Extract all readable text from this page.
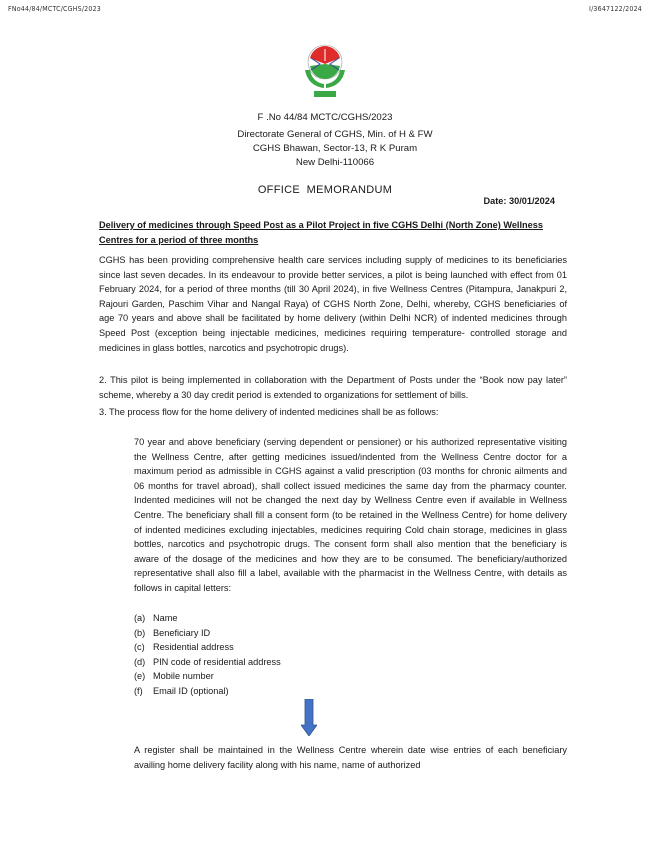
FNo44/84/MCTC/CGHS/2023	I/3647122/2024
F .No 44/84 MCTC/CGHS/2023
Directorate General of CGHS, Min. of H & FW
CGHS Bhawan, Sector-13, R K Puram
New Delhi-110066
OFFICE  MEMORANDUM
Date: 30/01/2024
Delivery of medicines through Speed Post as a Pilot Project in five CGHS Delhi (North Zone) Wellness Centres for a period of three months
CGHS has been providing comprehensive health care services including supply of medicines to its beneficiaries since last seven decades. In its endeavour to provide better services, a pilot is being launched with effect from 01 February 2024, for a period of three months (till 30 April 2024), in five Wellness Centres (Pitampura, Janakpuri 2, Rajouri Garden, Paschim Vihar and Nangal Raya) of CGHS North Zone, Delhi, whereby, CGHS beneficiaries of age 70 years and above shall be facilitated by home delivery (within Delhi NCR) of indented medicines through Speed Post (exception being injectable medicines, medicines requiring temperature- controlled storage and medicines in glass bottles, narcotics and psychotropic drugs).
2. This pilot is being implemented in collaboration with the Department of Posts under the “Book now pay later” scheme, whereby a 30 day credit period is extended to organizations for settlement of bills.
3. The process flow for the home delivery of indented medicines shall be as follows:
70 year and above beneficiary (serving dependent or pensioner) or his authorized representative visiting the Wellness Centre, after getting medicines issued/indented from the Wellness Centre doctor for a maximum period as admissible in CGHS against a valid prescription (03 months for chronic ailments and 06 months for travel abroad), shall collect issued medicines the same day from the pharmacy counter. Indented medicines will not be changed the next day by Wellness Centre even if available in Wellness Centre. The beneficiary shall fill a consent form (to be retained in the Wellness Centre) for home delivery of indented medicines excluding injectables, medicines requiring Cold chain storage, medicines in glass bottles, narcotics and psychotropic drugs. The consent form shall also mention that the beneficiary is aware of the dosage of the medicines and how they are to be consumed. The beneficiary/authorized representative shall also fill a label, available with the pharmacist in the Wellness Centre, with details as follows in capital letters:
(a) Name
(b) Beneficiary ID
(c) Residential address
(d) PIN code of residential address
(e) Mobile number
(f)	Email ID (optional)
A register shall be maintained in the Wellness Centre wherein date wise entries of each beneficiary availing home delivery facility along with his name, name of authorized
